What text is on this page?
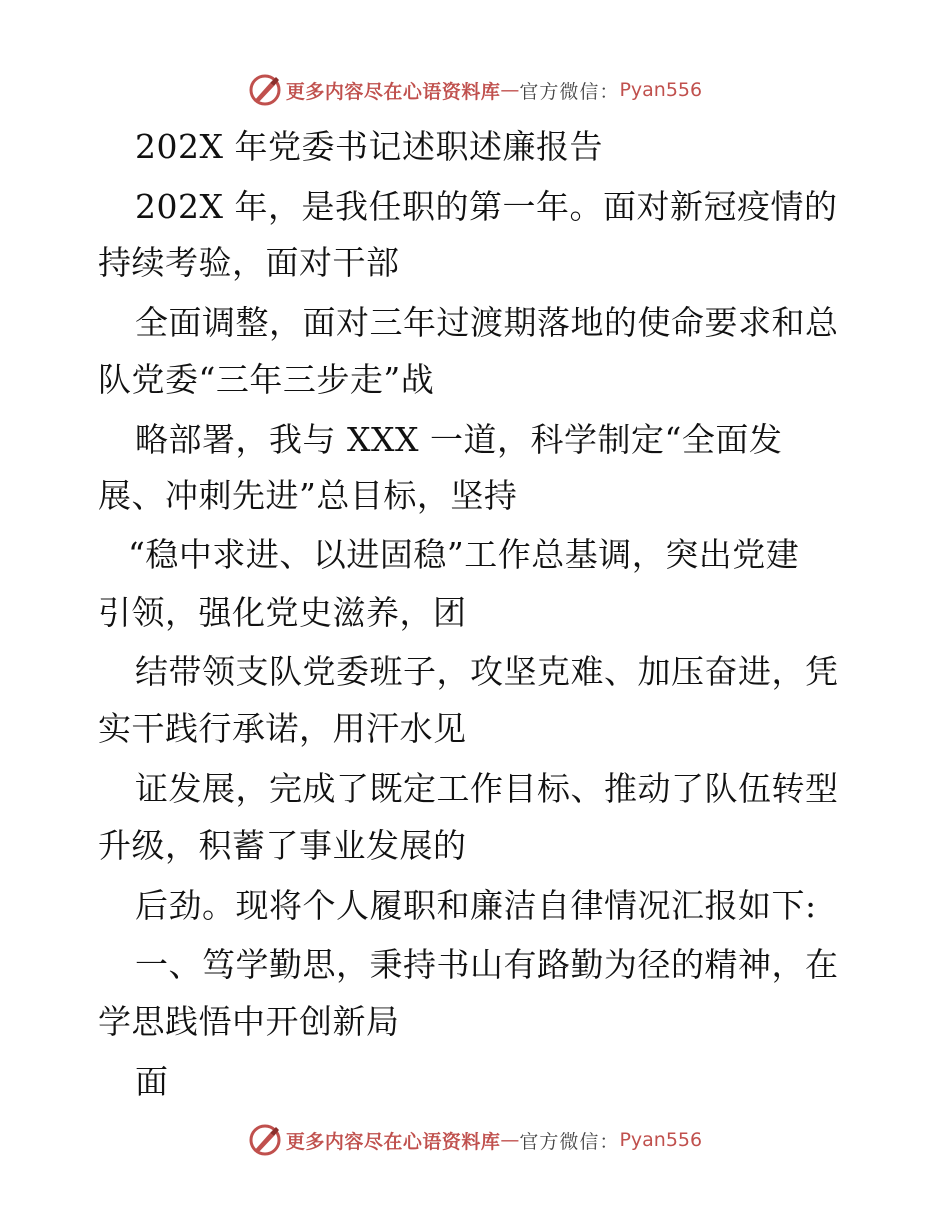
更多内容尽在心语资料库 — 官方微信： Pyan556
202X 年党委书记述职述廉报告
202X 年，是我任职的第一年。面对新冠疫情的
持续考验，面对干部
全面调整，面对三年过渡期落地的使命要求和总
队党委“三年三步走”战
略部署，我与 XXX 一道，科学制定“全面发
展、冲刺先进”总目标，坚持
“稳中求进、以进固稳”工作总基调，突出党建
引领，强化党史滋养，团
结带领支队党委班子，攻坚克难、加压奋进，凭
实干践行承诺，用汗水见
证发展，完成了既定工作目标、推动了队伍转型
升级，积蓄了事业发展的
后劲。现将个人履职和廉洁自律情况汇报如下:
一、笃学勤思，秉持书山有路勤为径的精神，在
学思践悟中开创新局
面
更多内容尽在心语资料库 — 官方微信： Pyan556
